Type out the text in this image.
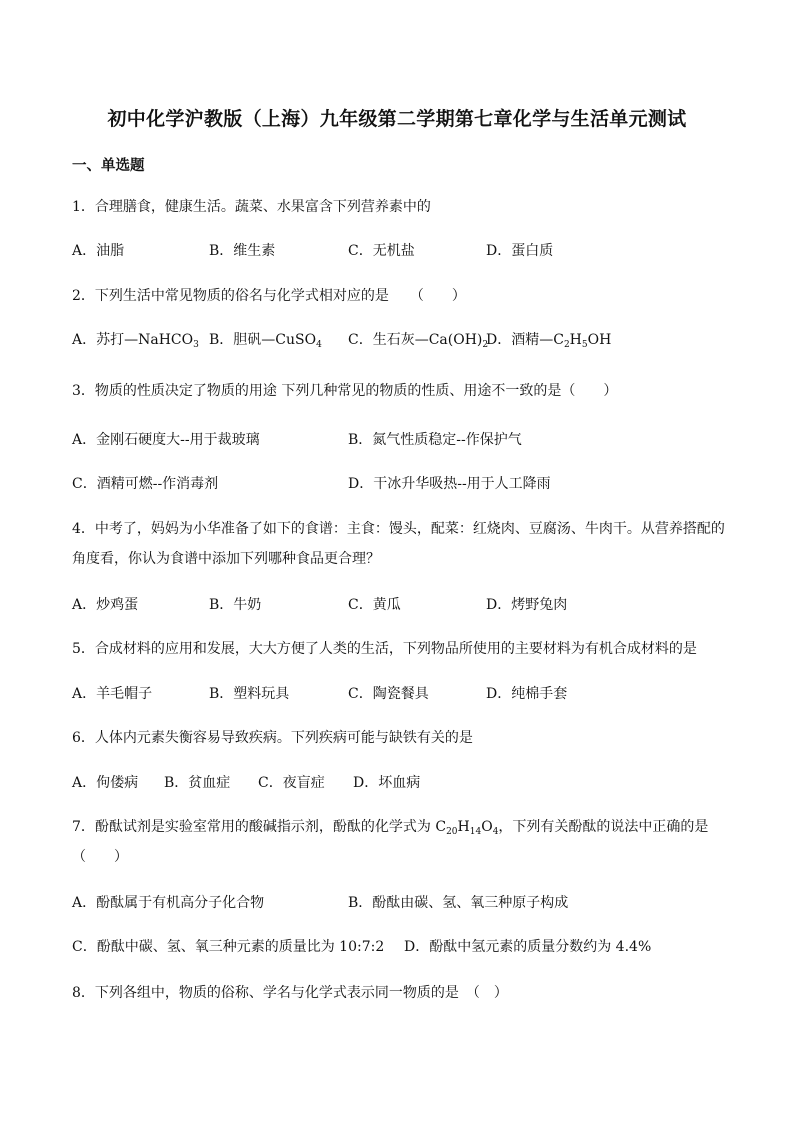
初中化学沪教版（上海）九年级第二学期第七章化学与生活单元测试
一、单选题
1．合理膳食，健康生活。蔬菜、水果富含下列营养素中的
A．油脂	B．维生素	C．无机盐	D．蛋白质
2．下列生活中常见物质的俗名与化学式相对应的是　　（　　）
A．苏打—NaHCO$_3$ B．胆矾—CuSO$_4$ C．生石灰$—Ca(OH)_2$
D．酒精$—C_2H_5OH$
3．物质的性质决定了物质的用途 下列几种常见的物质的性质、用途不一致的是（　　）
A．金刚石硬度大--用于裁玻璃	B．氮气性质稳定--作保护气
C．酒精可燃--作消毒剂	D．干冰升华吸热--用于人工降雨
4．中考了，妈妈为小华准备了如下的食谱：主食：馒头，配菜：红烧肉、豆腐汤、牛肉干。从营养搭配的
角度看，你认为食谱中添加下列哪种食品更合理？
A．炒鸡蛋	B．牛奶	C．黄瓜	D．烤野兔肉
5．合成材料的应用和发展，大大方便了人类的生活，下列物品所使用的主要材料为有机合成材料的是
A．羊毛帽子	B．塑料玩具	C．陶瓷餐具	D．纯棉手套
6．人体内元素失衡容易导致疾病。下列疾病可能与缺铁有关的是
A．佝偻病 B．贫血症 C．夜盲症 D．坏血病
7．酚酞试剂是实验室常用的酸碱指示剂，酚酞的化学式为 $C_{20}H_{14}O_4$，下列有关酚酞的说法中正确的是
（　　）
A．酚酞属于有机高分子化合物	B．酚酞由碳、氢、氧三种原子构成
C．酚酞中碳、氢、氧三种元素的质量比为 10:7:2 D．酚酞中氢元素的质量分数约为 4.4%
8．下列各组中，物质的俗称、学名与化学式表示同一物质的是　（　）
